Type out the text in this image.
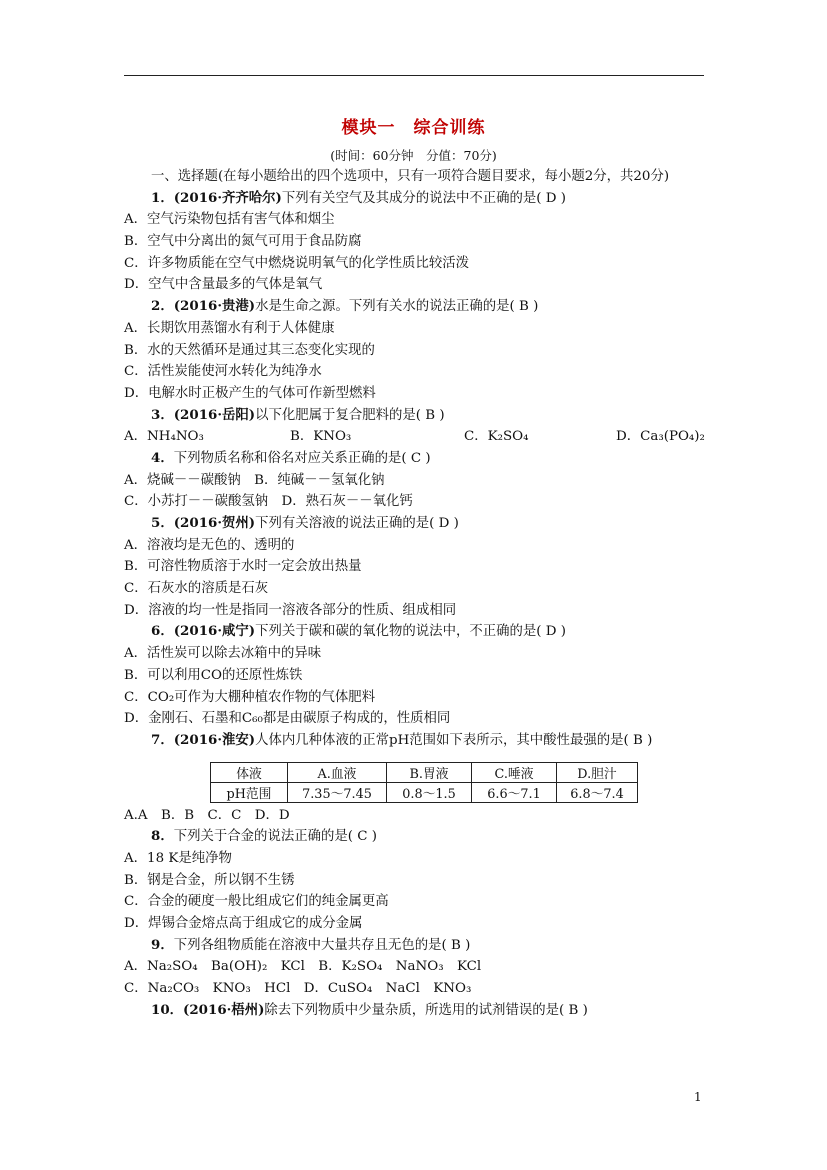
模块一　综合训练
(时间：60分钟　分值：70分)
一、选择题(在每小题给出的四个选项中，只有一项符合题目要求，每小题2分，共20分)
1．(2016·齐齐哈尔)下列有关空气及其成分的说法中不正确的是( D )
A．空气污染物包括有害气体和烟尘
B．空气中分离出的氮气可用于食品防腐
C．许多物质能在空气中燃烧说明氧气的化学性质比较活泼
D．空气中含量最多的气体是氧气
2．(2016·贵港)水是生命之源。下列有关水的说法正确的是( B )
A．长期饮用蒸馏水有利于人体健康
B．水的天然循环是通过其三态变化实现的
C．活性炭能使河水转化为纯净水
D．电解水时正极产生的气体可作新型燃料
3．(2016·岳阳)以下化肥属于复合肥料的是( B )
A．NH₄NO₃	B．KNO₃	C．K₂SO₄	D．Ca₃(PO₄)₂
4．下列物质名称和俗名对应关系正确的是( C )
A．烧碱－－碳酸钠　B．纯碱－－氢氧化钠
C．小苏打－－碳酸氢钠　D．熟石灰－－氧化钙
5．(2016·贺州)下列有关溶液的说法正确的是( D )
A．溶液均是无色的、透明的
B．可溶性物质溶于水时一定会放出热量
C．石灰水的溶质是石灰
D．溶液的均一性是指同一溶液各部分的性质、组成相同
6．(2016·咸宁)下列关于碳和碳的氧化物的说法中，不正确的是( D )
A．活性炭可以除去冰箱中的异味
B．可以利用CO的还原性炼铁
C．CO₂可作为大棚种植农作物的气体肥料
D．金刚石、石墨和C₆₀都是由碳原子构成的，性质相同
7．(2016·淮安)人体内几种体液的正常pH范围如下表所示，其中酸性最强的是( B )
体液	A.血液	B.胃液	C.唾液	D.胆汁
pH范围	7.35～7.45	0.8～1.5	6.6～7.1	6.8～7.4
A.A　B．B　C．C　D．D
8．下列关于合金的说法正确的是( C )
A．18 K是纯净物
B．钢是合金，所以钢不生锈
C．合金的硬度一般比组成它们的纯金属更高
D．焊锡合金熔点高于组成它的成分金属
9．下列各组物质能在溶液中大量共存且无色的是( B )
A．Na₂SO₄　Ba(OH)₂　KCl　B．K₂SO₄　NaNO₃　KCl
C．Na₂CO₃　KNO₃　HCl　D．CuSO₄　NaCl　KNO₃
10．(2016·梧州)除去下列物质中少量杂质，所选用的试剂错误的是( B )
1
